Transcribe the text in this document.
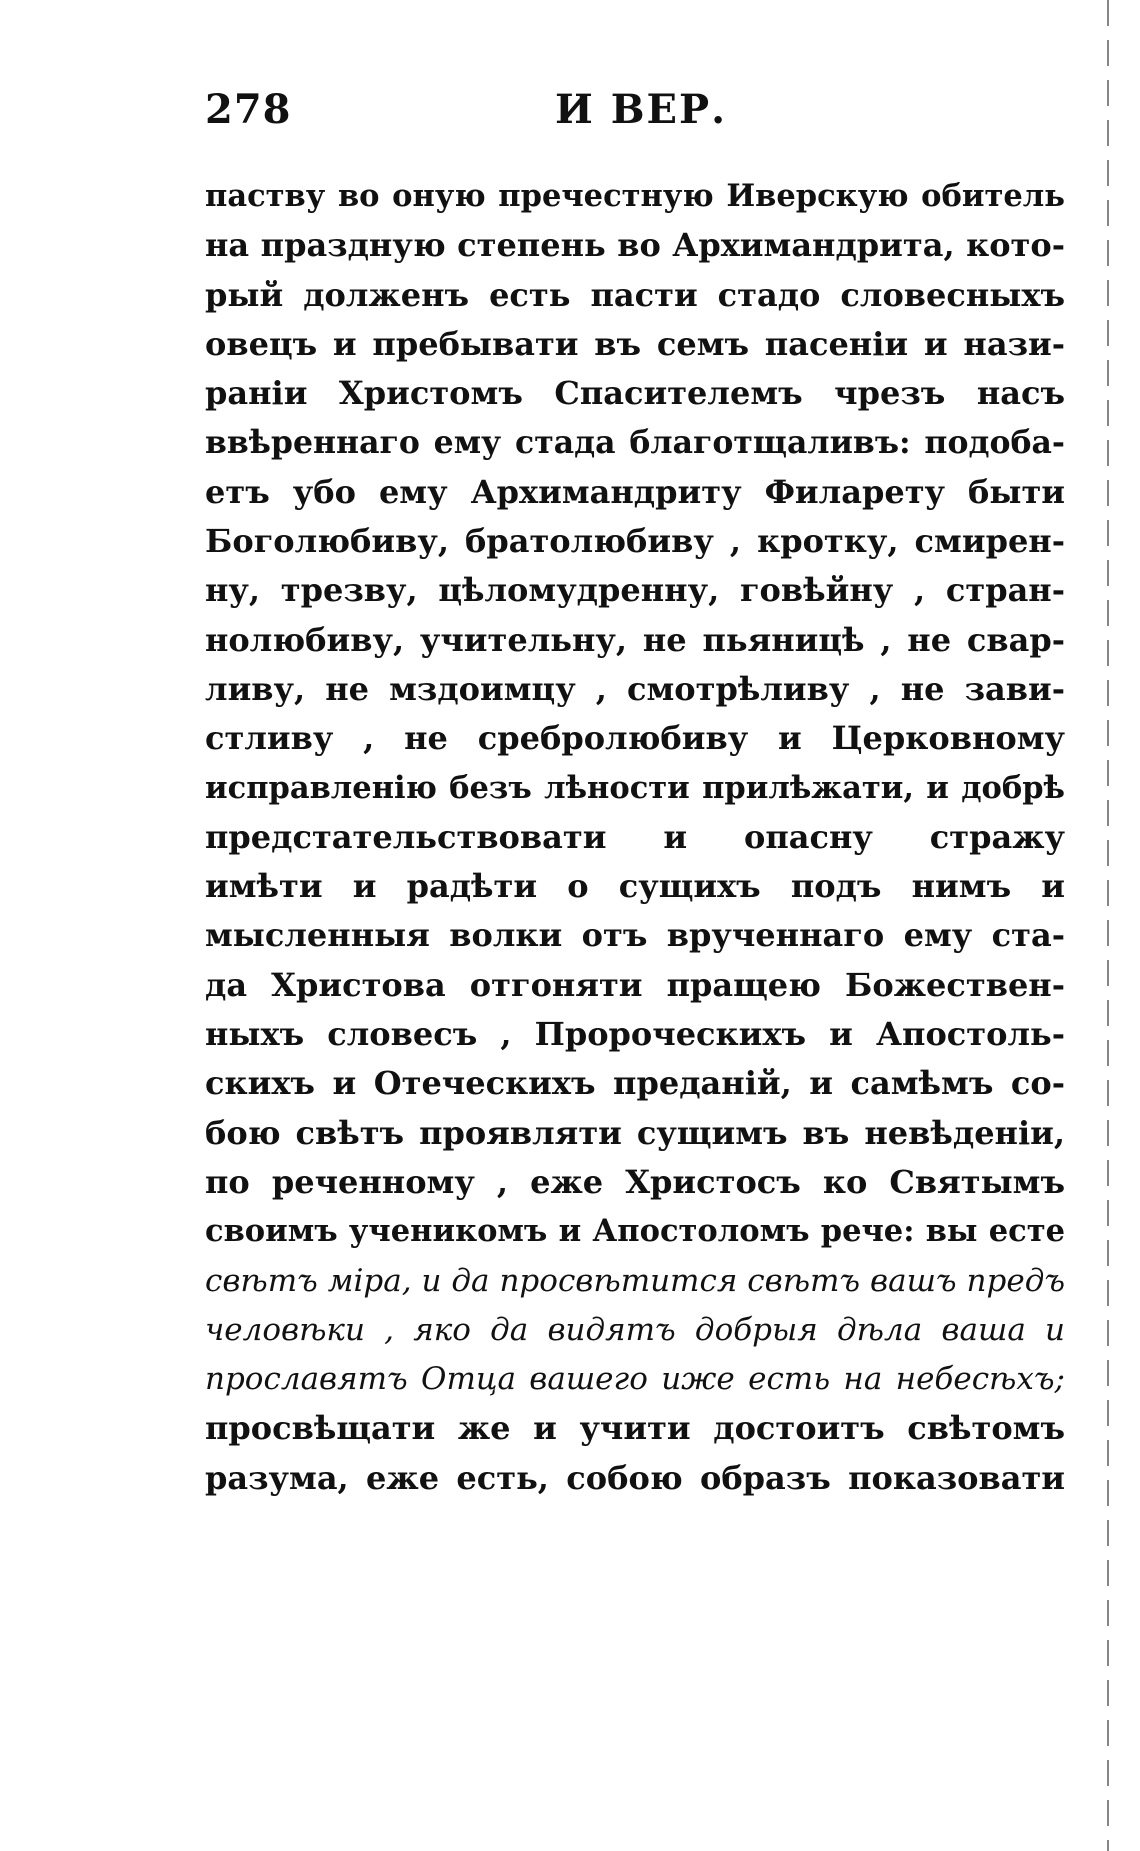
278	И ВЕР.
паству во оную пречестную Иверскую обитель
на праздную степень во Архимандрита, кото-
рый долженъ есть пасти стадо словесныхъ
овецъ и пребывати въ семъ пасенiи и нази-
ранiи Христомъ Спасителемъ чрезъ насъ
ввѣреннаго ему стада благотщаливъ: подоба-
етъ убо ему Архимандриту Филарету быти
Боголюбиву, братолюбиву , кротку, смирен-
ну, трезву, цѣломудренну, говѣйну , стран-
нолюбиву, учительну, не пьяницѣ , не свар-
ливу, не мздоимцу , смотрѣливу , не зави-
стливу , не сребролюбиву и Церковному
исправленiю безъ лѣности прилѣжати, и добрѣ
предстательствовати и опасну стражу
имѣти и радѣти о сущихъ подъ нимъ и
мысленныя волки отъ врученнаго ему ста-
да Христова отгоняти пращею Божествен-
ныхъ словесъ , Пророческихъ и Апостоль-
скихъ и Отеческихъ преданiй, и самѣмъ со-
бою свѣтъ проявляти сущимъ въ невѣденiи,
по реченному , еже Христосъ ко Святымъ
своимъ ученикомъ и Апостоломъ рече: вы есте
свѣтъ мiра, и да просвѣтится свѣтъ вашъ предъ
человѣки , яко да видятъ добрыя дѣла ваша и
прославятъ Отца вашего иже есть на небесѣхъ;
просвѣщати же и учити достоитъ свѣтомъ
разума, еже есть, собою образъ показовати
